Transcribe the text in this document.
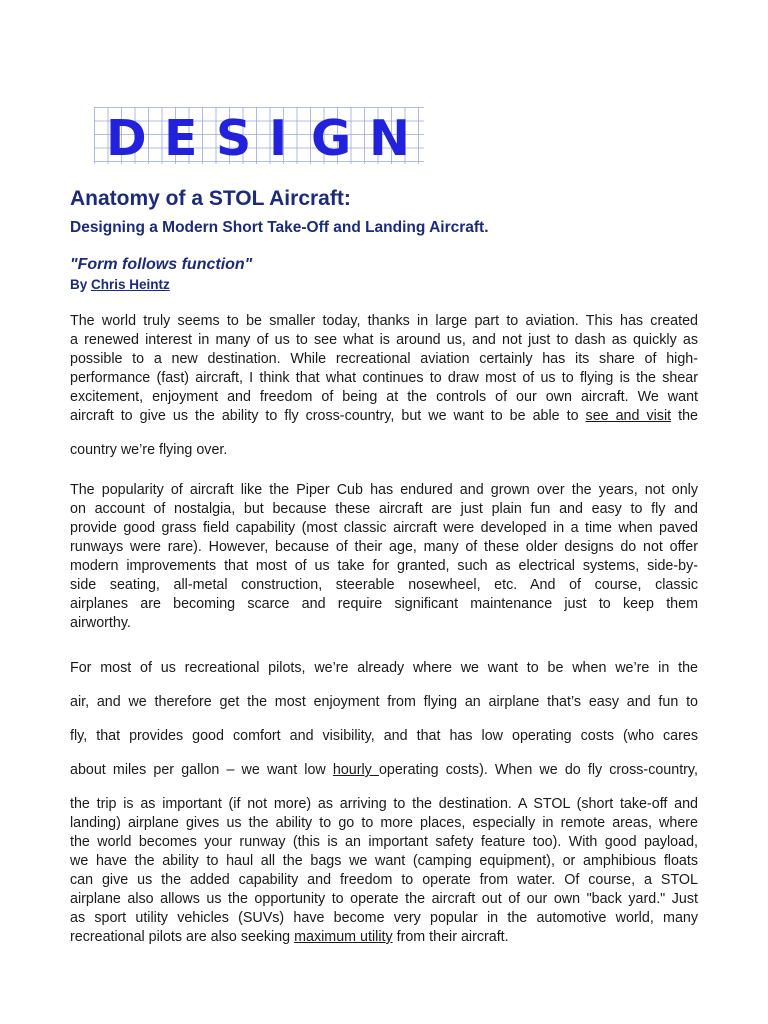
D E S I G N
Anatomy of a STOL Aircraft:
Designing a Modern Short Take-Off and Landing Aircraft.
"Form follows function"
By Chris Heintz
The world truly seems to be smaller today, thanks in large part to aviation. This has created
a renewed interest in many of us to see what is around us, and not just to dash as quickly as
possible to a new destination. While recreational aviation certainly has its share of high-
performance (fast) aircraft, I think that what continues to draw most of us to flying is the shear
excitement, enjoyment and freedom of being at the controls of our own aircraft. We want
aircraft to give us the ability to fly cross-country, but we want to be able to see and visit the
country we’re flying over.
The popularity of aircraft like the Piper Cub has endured and grown over the years, not only
on account of nostalgia, but because these aircraft are just plain fun and easy to fly and
provide good grass field capability (most classic aircraft were developed in a time when paved
runways were rare). However, because of their age, many of these older designs do not offer
modern improvements that most of us take for granted, such as electrical systems, side-by-
side seating, all-metal construction, steerable nosewheel, etc. And of course, classic
airplanes are becoming scarce and require significant maintenance just to keep them
airworthy.
For most of us recreational pilots, we’re already where we want to be when we’re in the
air, and we therefore get the most enjoyment from flying an airplane that’s easy and fun to
fly, that provides good comfort and visibility, and that has low operating costs (who cares
about miles per gallon – we want low hourly operating costs). When we do fly cross-country,
the trip is as important (if not more) as arriving to the destination. A STOL (short take-off and
landing) airplane gives us the ability to go to more places, especially in remote areas, where
the world becomes your runway (this is an important safety feature too). With good payload,
we have the ability to haul all the bags we want (camping equipment), or amphibious floats
can give us the added capability and freedom to operate from water. Of course, a STOL
airplane also allows us the opportunity to operate the aircraft out of our own "back yard." Just
as sport utility vehicles (SUVs) have become very popular in the automotive world, many
recreational pilots are also seeking maximum utility from their aircraft.
